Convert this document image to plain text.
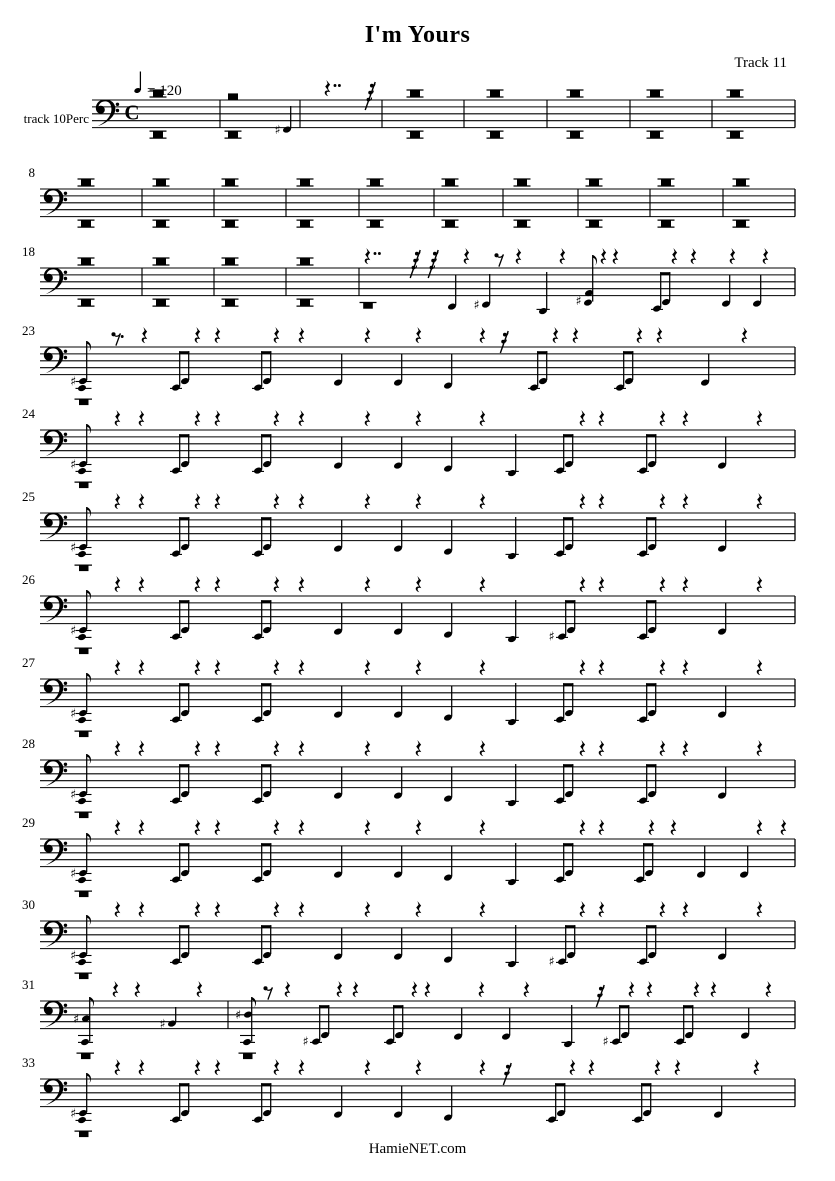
I'm Yours
Track 11
track 10Perc
HamieNET.com
C
♯
8
18
♯	♯
23
♯
24
♯
25
♯
26
♯	♯
27
♯
28
♯
29
♯
30
♯	♯
31
♯	♯
♯
♯	♯
33
♯
= 120
